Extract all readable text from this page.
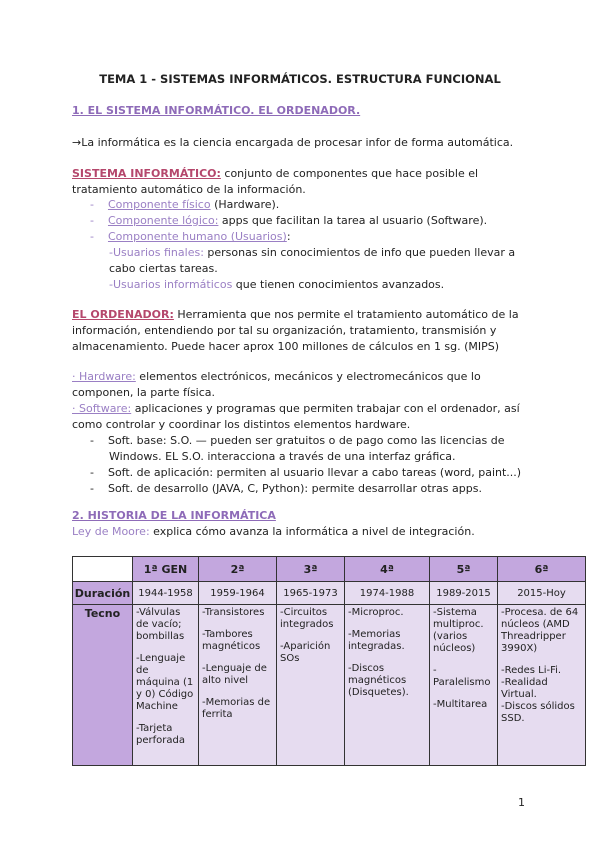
TEMA 1 - SISTEMAS INFORMÁTICOS. ESTRUCTURA FUNCIONAL
1. EL SISTEMA INFORMÁTICO. EL ORDENADOR.
→La informática es la ciencia encargada de procesar infor de forma automática.
SISTEMA INFORMÁTICO: conjunto de componentes que hace posible el
tratamiento automático de la información.
-    Componente físico (Hardware).
-    Componente lógico: apps que facilitan la tarea al usuario (Software).
-    Componente humano (Usuarios):
-Usuarios finales: personas sin conocimientos de info que pueden llevar a
cabo ciertas tareas.
-Usuarios informáticos que tienen conocimientos avanzados.
EL ORDENADOR: Herramienta que nos permite el tratamiento automático de la
información, entendiendo por tal su organización, tratamiento, transmisión y
almacenamiento. Puede hacer aprox 100 millones de cálculos en 1 sg. (MIPS)
· Hardware: elementos electrónicos, mecánicos y electromecánicos que lo
componen, la parte física.
· Software: aplicaciones y programas que permiten trabajar con el ordenador, así
como controlar y coordinar los distintos elementos hardware.
-    Soft. base: S.O. — pueden ser gratuitos o de pago como las licencias de
Windows. EL S.O. interacciona a través de una interfaz gráfica.
-    Soft. de aplicación: permiten al usuario llevar a cabo tareas (word, paint...)
-    Soft. de desarrollo (JAVA, C, Python): permite desarrollar otras apps.
2. HISTORIA DE LA INFORMÁTICA
Ley de Moore: explica cómo avanza la informática a nivel de integración.
	1ª GEN	2ª	3ª	4ª	5ª	6ª
Duración	1944-1958	1959-1964	1965-1973	1974-1988	1989-2015	2015-Hoy
Tecno	-Válvulas de vacío; bombillas
-Lenguaje de máquina (1 y 0) Código Machine
-Tarjeta perforada	-Transistores
-Tambores magnéticos
-Lenguaje de alto nivel
-Memorias de ferrita	-Circuitos integrados
-Aparición SOs	-Microproc.
-Memorias integradas.
-Discos magnéticos (Disquetes).	-Sistema multiproc. (varios núcleos)
-Paralelismo
-Multitarea	-Procesa. de 64 núcleos (AMD Threadripper 3990X)
-Redes Li-Fi.
-Realidad Virtual.
-Discos sólidos SSD.
1
